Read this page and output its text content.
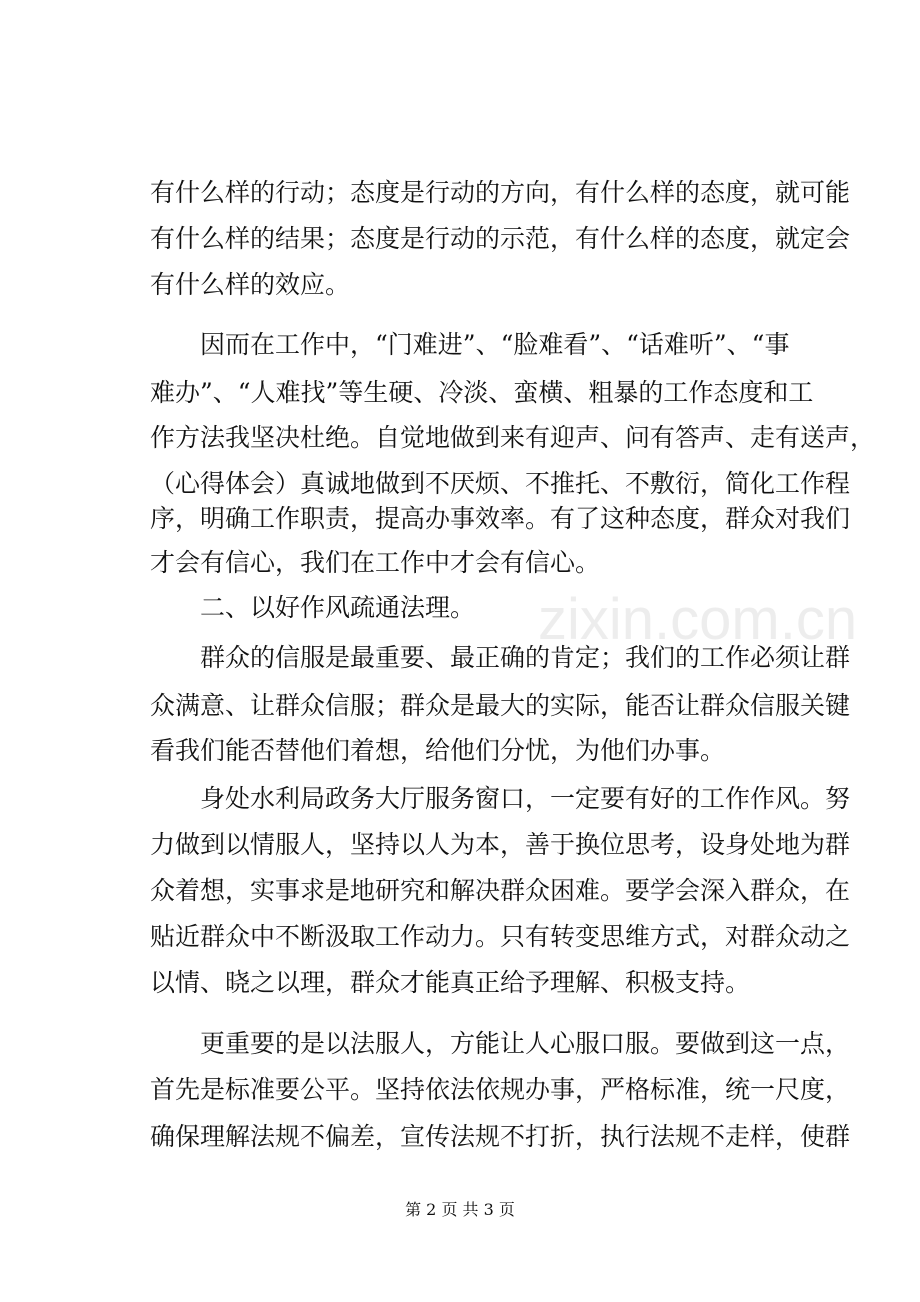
zixin.com.cn
有什么样的行动；态度是行动的方向，有什么样的态度，就可能
有什么样的结果；态度是行动的示范，有什么样的态度，就定会
有什么样的效应。
　　因而在工作中，“门难进”、“脸难看”、“话难听”、“事
难办”、“人难找”等生硬、冷淡、蛮横、粗暴的工作态度和工
作方法我坚决杜绝。自觉地做到来有迎声、问有答声、走有送声，
（心得体会）真诚地做到不厌烦、不推托、不敷衍，简化工作程
序，明确工作职责，提高办事效率。有了这种态度，群众对我们
才会有信心，我们在工作中才会有信心。
　　二、以好作风疏通法理。
　　群众的信服是最重要、最正确的肯定；我们的工作必须让群
众满意、让群众信服；群众是最大的实际，能否让群众信服关键
看我们能否替他们着想，给他们分忧，为他们办事。
　　身处水利局政务大厅服务窗口，一定要有好的工作作风。努
力做到以情服人，坚持以人为本，善于换位思考，设身处地为群
众着想，实事求是地研究和解决群众困难。要学会深入群众，在
贴近群众中不断汲取工作动力。只有转变思维方式，对群众动之
以情、晓之以理，群众才能真正给予理解、积极支持。
　　更重要的是以法服人，方能让人心服口服。要做到这一点，
首先是标准要公平。坚持依法依规办事，严格标准，统一尺度，
确保理解法规不偏差，宣传法规不打折，执行法规不走样，使群
第 2 页 共 3 页
